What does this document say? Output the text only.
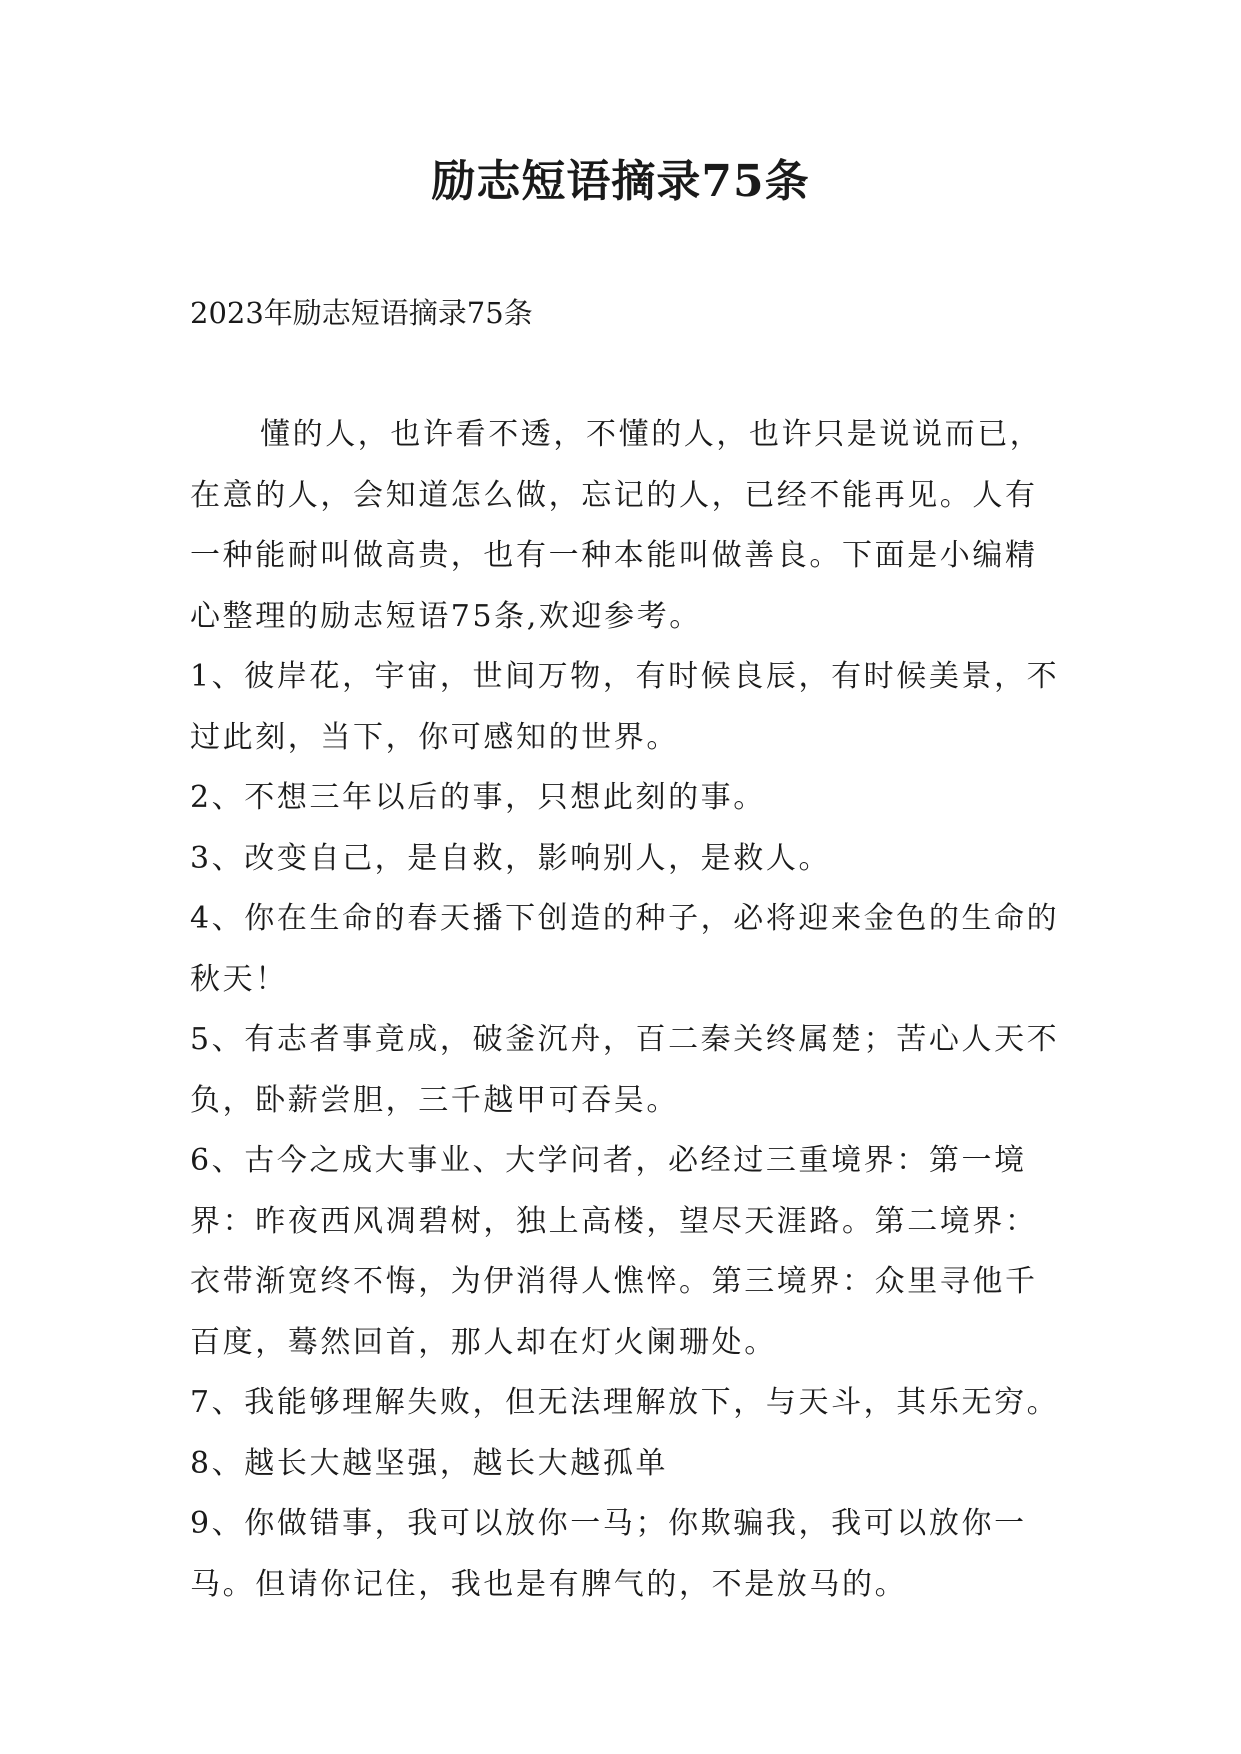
励志短语摘录75条

2023年励志短语摘录75条

懂的人，也许看不透，不懂的人，也许只是说说而已，在意的人，会知道怎么做，忘记的人，已经不能再见。人有一种能耐叫做高贵，也有一种本能叫做善良。下面是小编精心整理的励志短语75条,欢迎参考。

1、彼岸花，宇宙，世间万物，有时候良辰，有时候美景，不过此刻，当下，你可感知的世界。

2、不想三年以后的事，只想此刻的事。

3、改变自己，是自救，影响别人，是救人。

4、你在生命的春天播下创造的种子，必将迎来金色的生命的秋天！

5、有志者事竟成，破釜沉舟，百二秦关终属楚；苦心人天不负，卧薪尝胆，三千越甲可吞吴。

6、古今之成大事业、大学问者，必经过三重境界：第一境界：昨夜西风凋碧树，独上高楼，望尽天涯路。第二境界：衣带渐宽终不悔，为伊消得人憔悴。第三境界：众里寻他千百度，蓦然回首，那人却在灯火阑珊处。

7、我能够理解失败，但无法理解放下，与天斗，其乐无穷。

8、越长大越坚强，越长大越孤单

9、你做错事，我可以放你一马；你欺骗我，我可以放你一马。但请你记住，我也是有脾气的，不是放马的。
